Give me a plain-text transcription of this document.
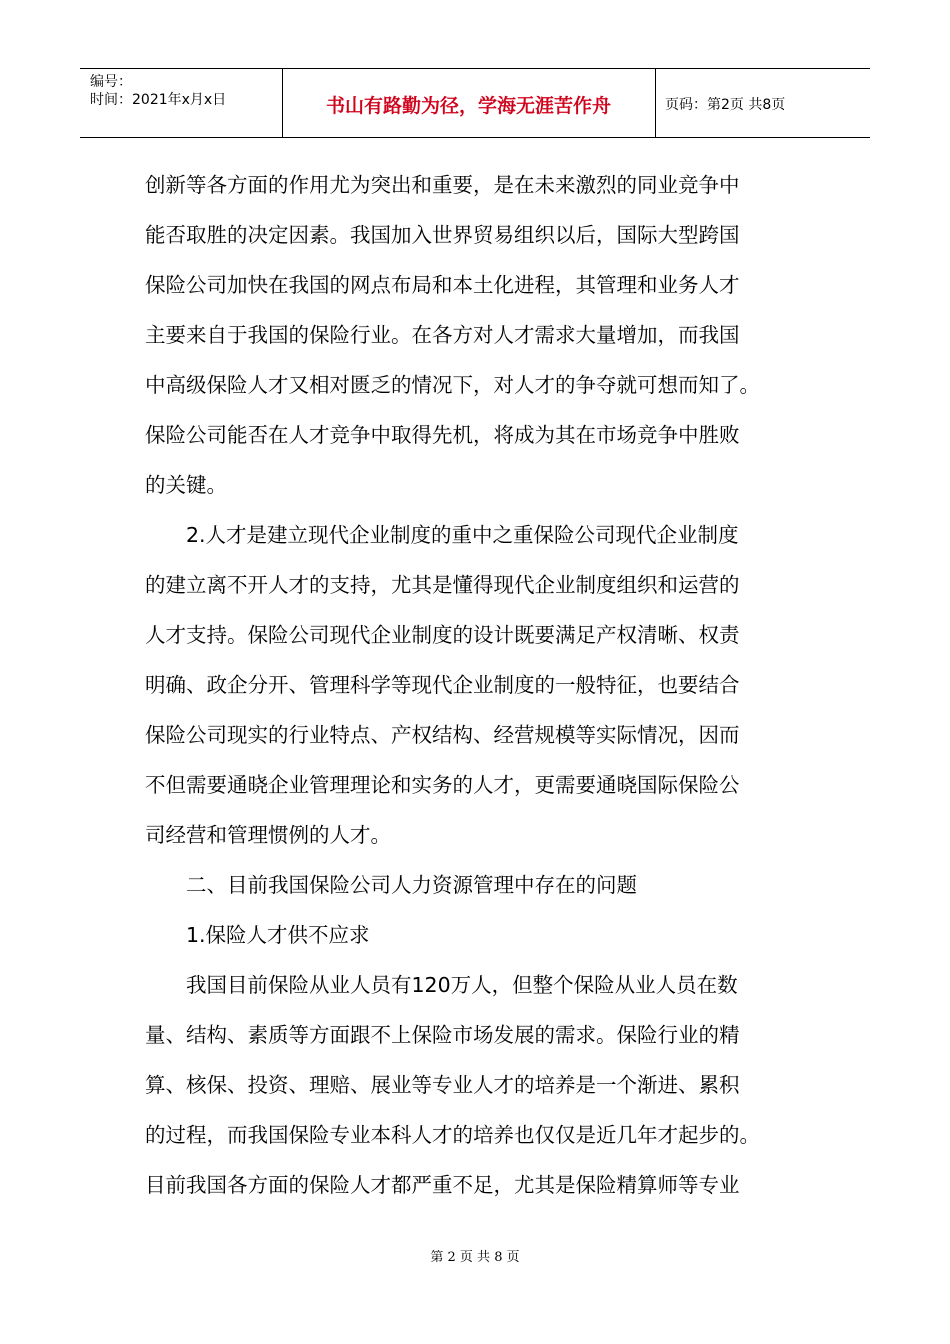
编号：
时间：2021年x月x日	书山有路勤为径，学海无涯苦作舟	页码：第2页 共8页
创新等各方面的作用尤为突出和重要，是在未来激烈的同业竞争中
能否取胜的决定因素。我国加入世界贸易组织以后，国际大型跨国
保险公司加快在我国的网点布局和本土化进程，其管理和业务人才
主要来自于我国的保险行业。在各方对人才需求大量增加，而我国
中高级保险人才又相对匮乏的情况下，对人才的争夺就可想而知了。
保险公司能否在人才竞争中取得先机，将成为其在市场竞争中胜败
的关键。
　　2.人才是建立现代企业制度的重中之重保险公司现代企业制度
的建立离不开人才的支持，尤其是懂得现代企业制度组织和运营的
人才支持。保险公司现代企业制度的设计既要满足产权清晰、权责
明确、政企分开、管理科学等现代企业制度的一般特征，也要结合
保险公司现实的行业特点、产权结构、经营规模等实际情况，因而
不但需要通晓企业管理理论和实务的人才，更需要通晓国际保险公
司经营和管理惯例的人才。
　　二、目前我国保险公司人力资源管理中存在的问题
　　1.保险人才供不应求
　　我国目前保险从业人员有120万人，但整个保险从业人员在数
量、结构、素质等方面跟不上保险市场发展的需求。保险行业的精
算、核保、投资、理赔、展业等专业人才的培养是一个渐进、累积
的过程，而我国保险专业本科人才的培养也仅仅是近几年才起步的。
目前我国各方面的保险人才都严重不足，尤其是保险精算师等专业
第 2 页 共 8 页
